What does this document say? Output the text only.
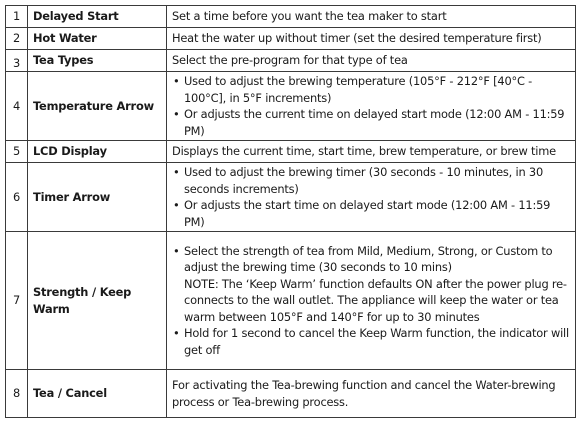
1	Delayed Start	Set a time before you want the tea maker to start
2	Hot Water	Heat the water up without timer (set the desired temperature first)
3	Tea Types	Select the pre-program for that type of tea
4	Temperature Arrow	• Used to adjust the brewing temperature (105°F - 212°F [40°C - 100°C], in 5°F increments)
• Or adjusts the current time on delayed start mode (12:00 AM - 11:59 PM)

5	LCD Display	Displays the current time, start time, brew temperature, or brew time
6	Timer Arrow	• Used to adjust the brewing timer (30 seconds - 10 minutes, in 30 seconds increments)
• Or adjusts the start time on delayed start mode (12:00 AM - 11:59 PM)

7	Strength / Keep Warm	• Select the strength of tea from Mild, Medium, Strong, or Custom to adjust the brewing time (30 seconds to 10 mins)
NOTE: The ‘Keep Warm’ function defaults ON after the power plug re-connects to the wall outlet. The appliance will keep the water or tea warm between 105°F and 140°F for up to 30 minutes
• Hold for 1 second to cancel the Keep Warm function, the indicator will get off

8	Tea / Cancel	For activating the Tea-brewing function and cancel the Water-brewing process or Tea-brewing process.
